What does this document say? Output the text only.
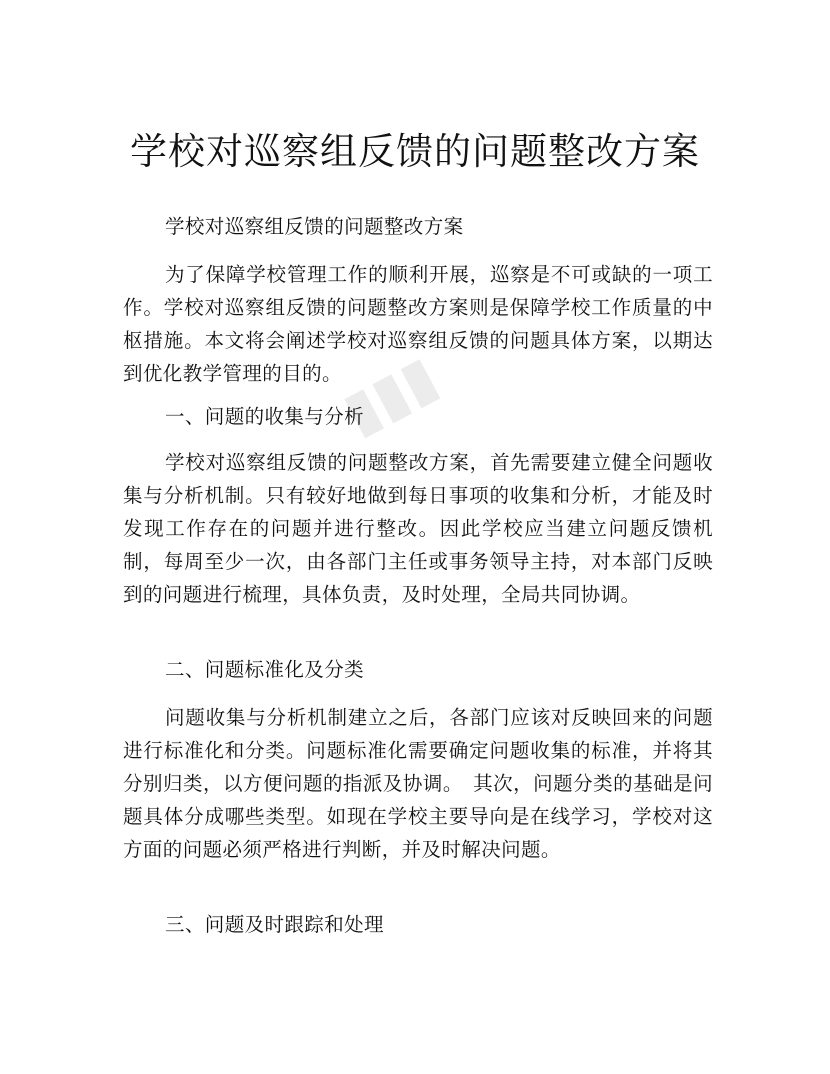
▮▮▮
学校对巡察组反馈的问题整改方案

学校对巡察组反馈的问题整改方案

为了保障学校管理工作的顺利开展，巡察是不可或缺的一项工作。学校对巡察组反馈的问题整改方案则是保障学校工作质量的中枢措施。本文将会阐述学校对巡察组反馈的问题具体方案，以期达到优化教学管理的目的。

一、问题的收集与分析

学校对巡察组反馈的问题整改方案，首先需要建立健全问题收集与分析机制。只有较好地做到每日事项的收集和分析，才能及时发现工作存在的问题并进行整改。因此学校应当建立问题反馈机制，每周至少一次，由各部门主任或事务领导主持，对本部门反映到的问题进行梳理，具体负责，及时处理，全局共同协调。

二、问题标准化及分类

问题收集与分析机制建立之后，各部门应该对反映回来的问题进行标准化和分类。问题标准化需要确定问题收集的标准，并将其分别归类，以方便问题的指派及协调。　其次，问题分类的基础是问题具体分成哪些类型。如现在学校主要导向是在线学习，学校对这方面的问题必须严格进行判断，并及时解决问题。

三、问题及时跟踪和处理
